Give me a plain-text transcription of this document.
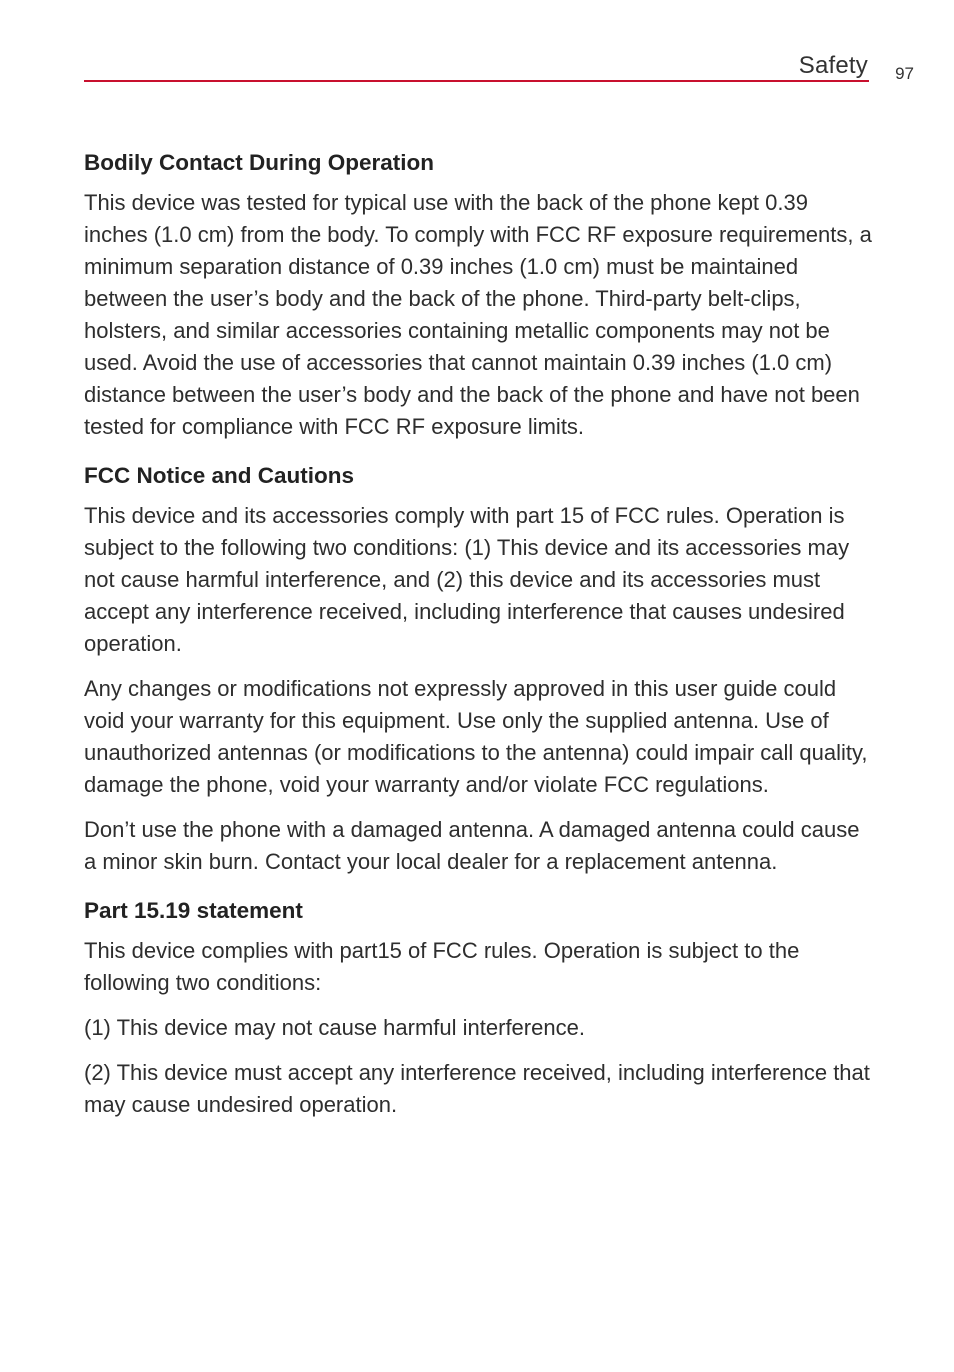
Safety 97
Bodily Contact During Operation

This device was tested for typical use with the back of the phone kept 0.39 inches (1.0 cm) from the body. To comply with FCC RF exposure requirements, a minimum separation distance of 0.39 inches (1.0 cm) must be maintained between the user’s body and the back of the phone. Third-party belt-clips, holsters, and similar accessories containing metallic components may not be used. Avoid the use of accessories that cannot maintain 0.39 inches (1.0 cm) distance between the user’s body and the back of the phone and have not been tested for compliance with FCC RF exposure limits.

FCC Notice and Cautions

This device and its accessories comply with part 15 of FCC rules. Operation is subject to the following two conditions: (1) This device and its accessories may not cause harmful interference, and (2) this device and its accessories must accept any interference received, including interference that causes undesired operation.

Any changes or modifications not expressly approved in this user guide could void your warranty for this equipment. Use only the supplied antenna. Use of unauthorized antennas (or modifications to the antenna) could impair call quality, damage the phone, void your warranty and/or violate FCC regulations.

Don’t use the phone with a damaged antenna. A damaged antenna could cause a minor skin burn. Contact your local dealer for a replacement antenna.

Part 15.19 statement

This device complies with part15 of FCC rules. Operation is subject to the following two conditions:

(1) This device may not cause harmful interference.

(2) This device must accept any interference received, including interference that may cause undesired operation.
